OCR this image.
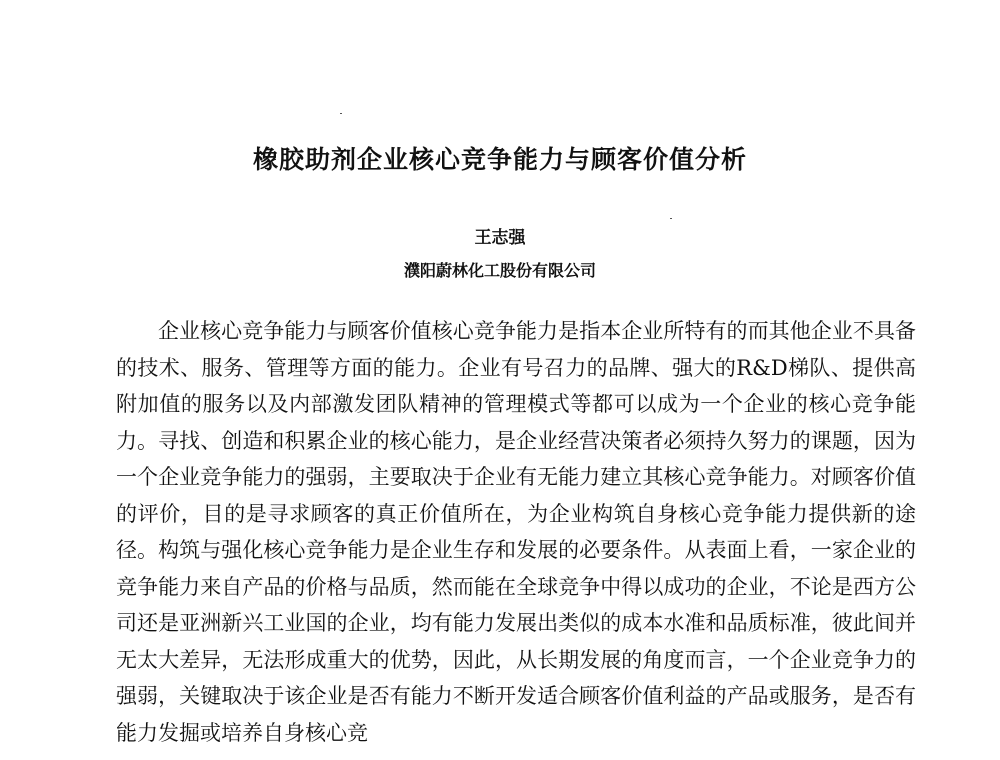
橡胶助剂企业核心竞争能力与顾客价值分析
王志强
濮阳蔚林化工股份有限公司

企业核心竞争能力与顾客价值核心竞争能力是指本企业所特有的而其他企业不具备的技术、服务、管理等方面的能力。企业有号召力的品牌、强大的R&D梯队、提供高附加值的服务以及内部激发团队精神的管理模式等都可以成为一个企业的核心竞争能力。寻找、创造和积累企业的核心能力，是企业经营决策者必须持久努力的课题，因为一个企业竞争能力的强弱，主要取决于企业有无能力建立其核心竞争能力。对顾客价值的评价，目的是寻求顾客的真正价值所在，为企业构筑自身核心竞争能力提供新的途径。构筑与强化核心竞争能力是企业生存和发展的必要条件。从表面上看，一家企业的竞争能力来自产品的价格与品质，然而能在全球竞争中得以成功的企业，不论是西方公司还是亚洲新兴工业国的企业，均有能力发展出类似的成本水准和品质标准，彼此间并无太大差异，无法形成重大的优势，因此，从长期发展的角度而言，一个企业竞争力的强弱，关键取决于该企业是否有能力不断开发适合顾客价值利益的产品或服务，是否有能力发掘或培养自身核心竞
